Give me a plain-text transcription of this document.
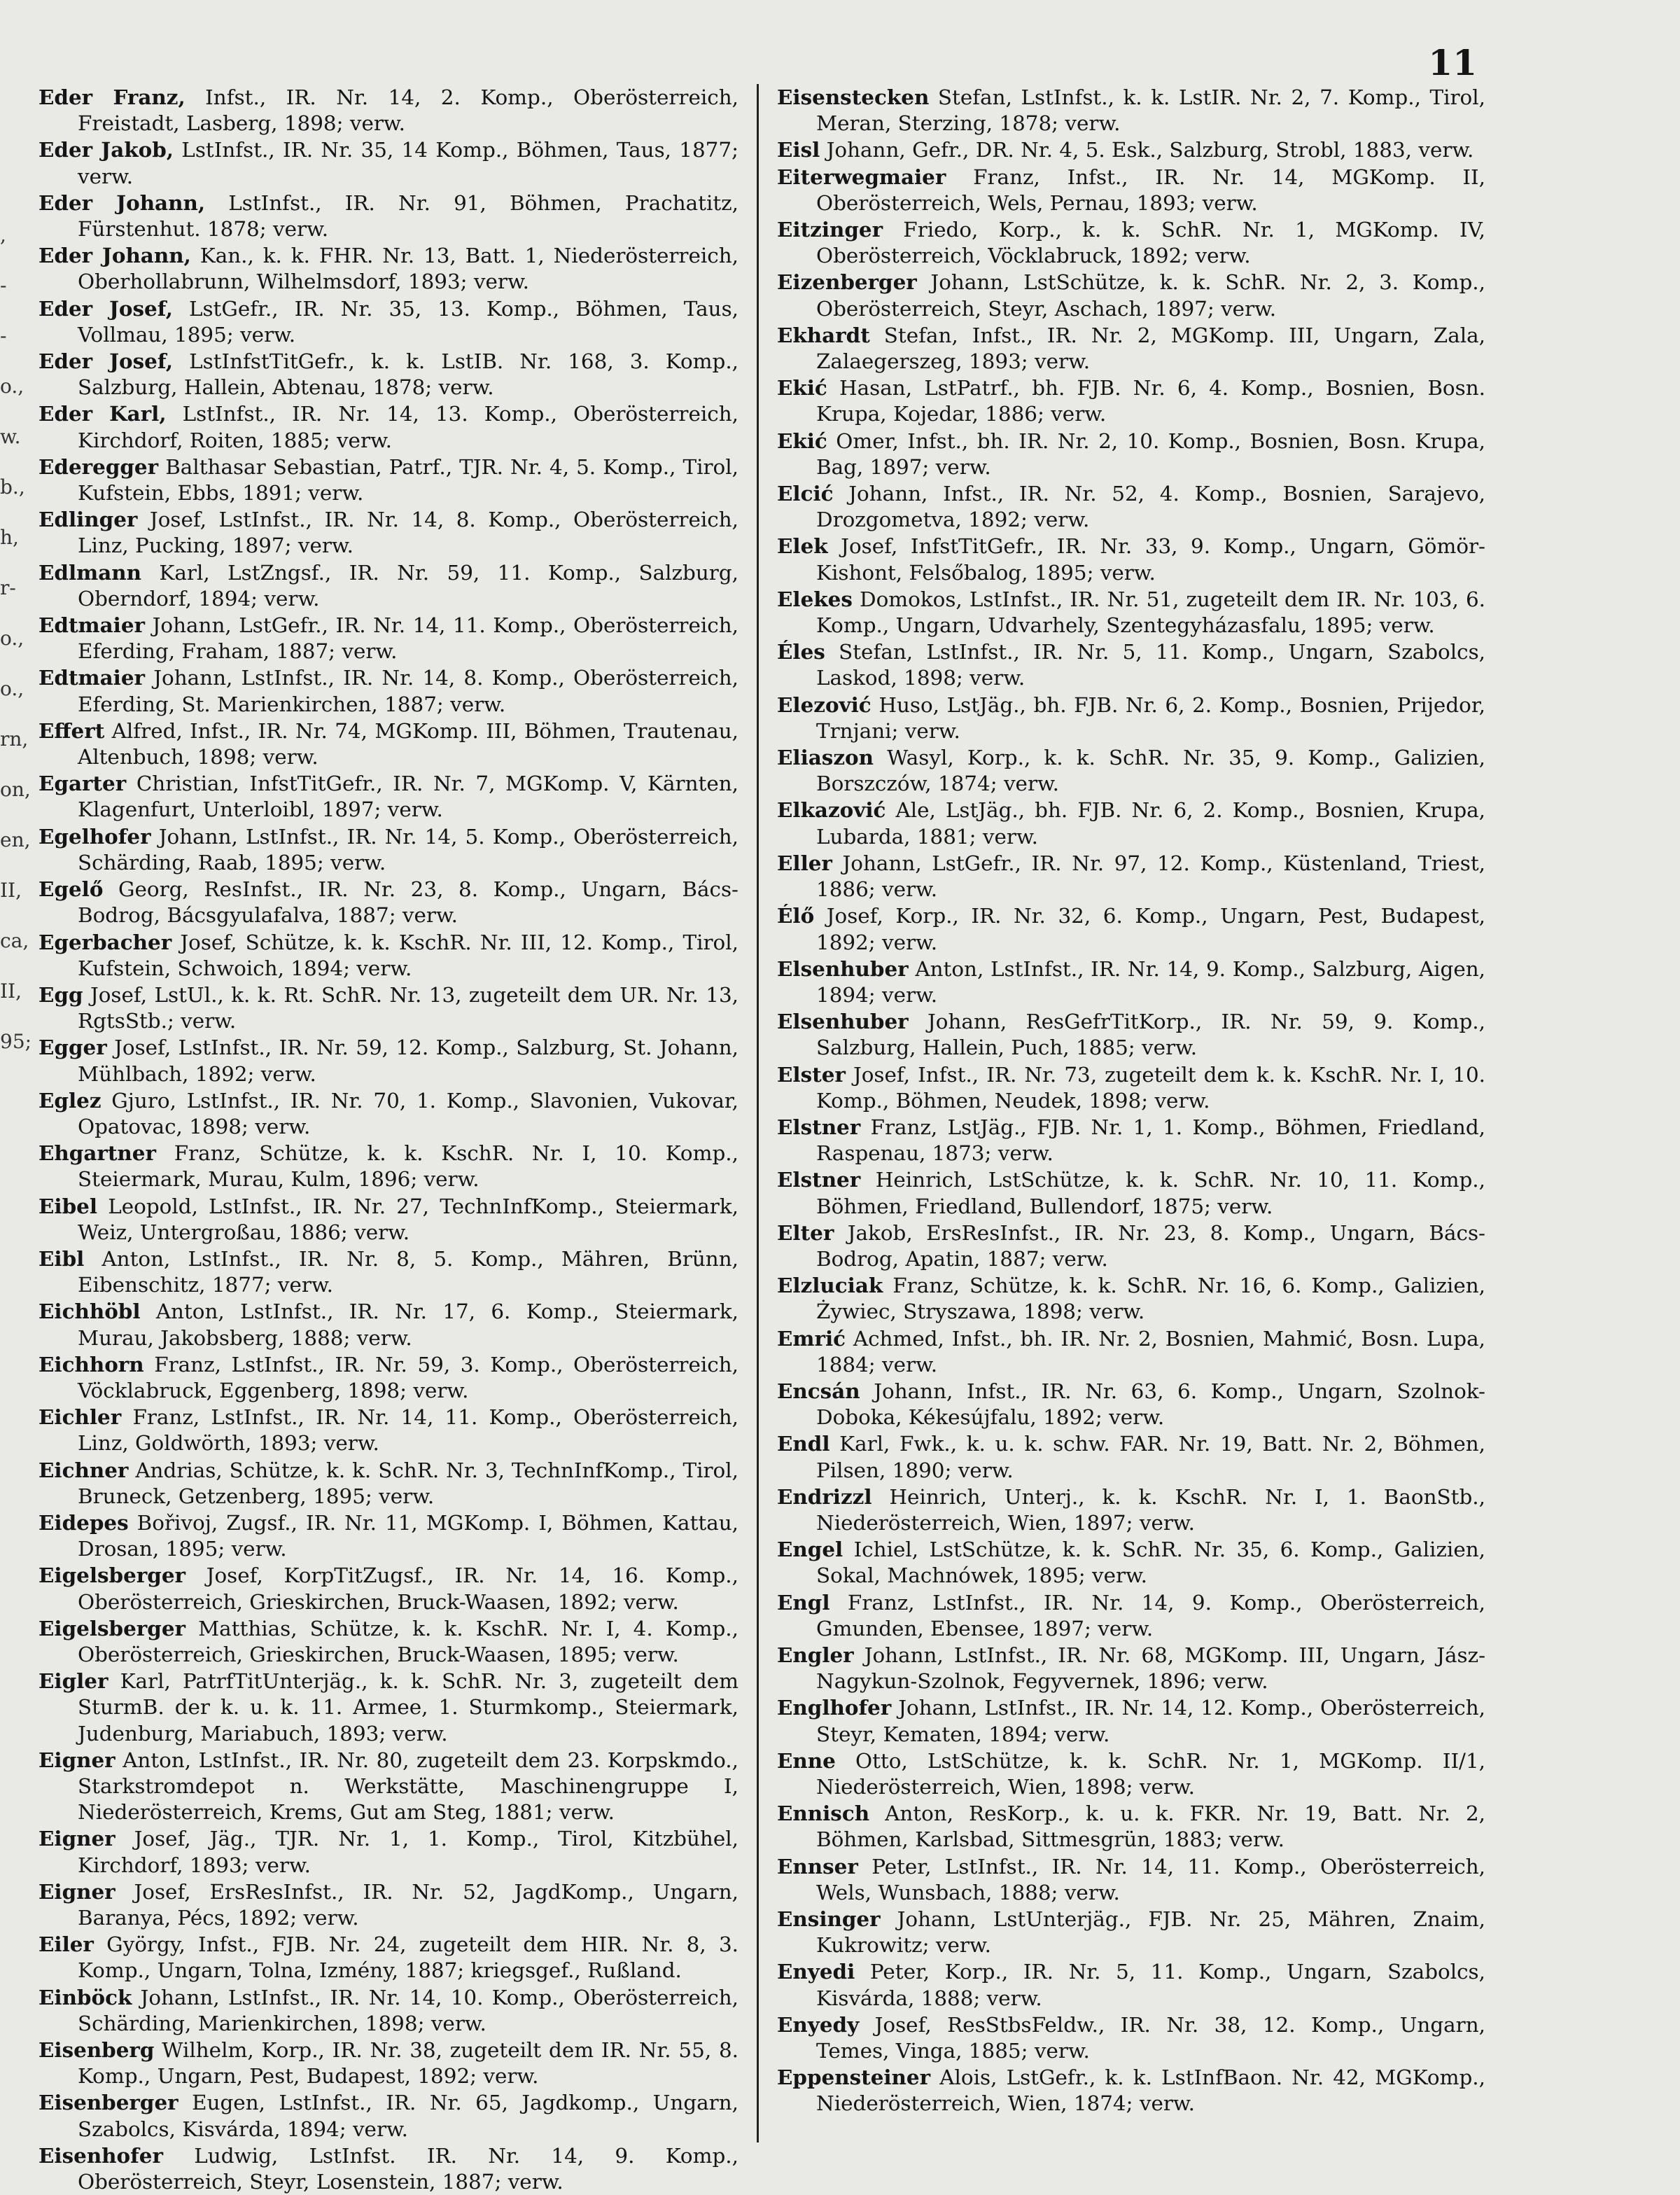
11
,
-
-
o.,
w.
b.,
h,
r-
o.,
o.,
rn,
on,
en,
II,
ca,
II,
95;

Eder Franz, Infst., IR. Nr. 14, 2. Komp., Oberösterreich, Freistadt, Lasberg, 1898; verw.

Eder Jakob, LstInfst., IR. Nr. 35, 14 Komp., Böhmen, Taus, 1877; verw.

Eder Johann, LstInfst., IR. Nr. 91, Böhmen, Prachatitz, Fürstenhut. 1878; verw.

Eder Johann, Kan., k. k. FHR. Nr. 13, Batt. 1, Niederösterreich, Oberhollabrunn, Wilhelmsdorf, 1893; verw.

Eder Josef, LstGefr., IR. Nr. 35, 13. Komp., Böhmen, Taus, Vollmau, 1895; verw.

Eder Josef, LstInfstTitGefr., k. k. LstIB. Nr. 168, 3. Komp., Salzburg, Hallein, Abtenau, 1878; verw.

Eder Karl, LstInfst., IR. Nr. 14, 13. Komp., Oberösterreich, Kirchdorf, Roiten, 1885; verw.

Ederegger Balthasar Sebastian, Patrf., TJR. Nr. 4, 5. Komp., Tirol, Kufstein, Ebbs, 1891; verw.

Edlinger Josef, LstInfst., IR. Nr. 14, 8. Komp., Oberösterreich, Linz, Pucking, 1897; verw.

Edlmann Karl, LstZngsf., IR. Nr. 59, 11. Komp., Salzburg, Oberndorf, 1894; verw.

Edtmaier Johann, LstGefr., IR. Nr. 14, 11. Komp., Oberösterreich, Eferding, Fraham, 1887; verw.

Edtmaier Johann, LstInfst., IR. Nr. 14, 8. Komp., Oberösterreich, Eferding, St. Marienkirchen, 1887; verw.

Effert Alfred, Infst., IR. Nr. 74, MGKomp. III, Böhmen, Trautenau, Altenbuch, 1898; verw.

Egarter Christian, InfstTitGefr., IR. Nr. 7, MGKomp. V, Kärnten, Klagenfurt, Unterloibl, 1897; verw.

Egelhofer Johann, LstInfst., IR. Nr. 14, 5. Komp., Oberösterreich, Schärding, Raab, 1895; verw.

Egelő Georg, ResInfst., IR. Nr. 23, 8. Komp., Ungarn, Bács-Bodrog, Bácsgyulafalva, 1887; verw.

Egerbacher Josef, Schütze, k. k. KschR. Nr. III, 12. Komp., Tirol, Kufstein, Schwoich, 1894; verw.

Egg Josef, LstUl., k. k. Rt. SchR. Nr. 13, zugeteilt dem UR. Nr. 13, RgtsStb.; verw.

Egger Josef, LstInfst., IR. Nr. 59, 12. Komp., Salzburg, St. Johann, Mühlbach, 1892; verw.

Eglez Gjuro, LstInfst., IR. Nr. 70, 1. Komp., Slavonien, Vukovar, Opatovac, 1898; verw.

Ehgartner Franz, Schütze, k. k. KschR. Nr. I, 10. Komp., Steiermark, Murau, Kulm, 1896; verw.

Eibel Leopold, LstInfst., IR. Nr. 27, TechnInfKomp., Steiermark, Weiz, Untergroßau, 1886; verw.

Eibl Anton, LstInfst., IR. Nr. 8, 5. Komp., Mähren, Brünn, Eibenschitz, 1877; verw.

Eichhöbl Anton, LstInfst., IR. Nr. 17, 6. Komp., Steiermark, Murau, Jakobsberg, 1888; verw.

Eichhorn Franz, LstInfst., IR. Nr. 59, 3. Komp., Oberösterreich, Vöcklabruck, Eggenberg, 1898; verw.

Eichler Franz, LstInfst., IR. Nr. 14, 11. Komp., Oberösterreich, Linz, Goldwörth, 1893; verw.

Eichner Andrias, Schütze, k. k. SchR. Nr. 3, TechnInfKomp., Tirol, Bruneck, Getzenberg, 1895; verw.

Eidepes Bořivoj, Zugsf., IR. Nr. 11, MGKomp. I, Böhmen, Kattau, Drosan, 1895; verw.

Eigelsberger Josef, KorpTitZugsf., IR. Nr. 14, 16. Komp., Oberösterreich, Grieskirchen, Bruck-Waasen, 1892; verw.

Eigelsberger Matthias, Schütze, k. k. KschR. Nr. I, 4. Komp., Oberösterreich, Grieskirchen, Bruck-Waasen, 1895; verw.

Eigler Karl, PatrfTitUnterjäg., k. k. SchR. Nr. 3, zugeteilt dem SturmB. der k. u. k. 11. Armee, 1. Sturmkomp., Steiermark, Judenburg, Mariabuch, 1893; verw.

Eigner Anton, LstInfst., IR. Nr. 80, zugeteilt dem 23. Korpskmdo., Starkstromdepot n. Werkstätte, Maschinengruppe I, Niederösterreich, Krems, Gut am Steg, 1881; verw.

Eigner Josef, Jäg., TJR. Nr. 1, 1. Komp., Tirol, Kitzbühel, Kirchdorf, 1893; verw.

Eigner Josef, ErsResInfst., IR. Nr. 52, JagdKomp., Ungarn, Baranya, Pécs, 1892; verw.

Eiler György, Infst., FJB. Nr. 24, zugeteilt dem HIR. Nr. 8, 3. Komp., Ungarn, Tolna, Izmény, 1887; kriegsgef., Rußland.

Einböck Johann, LstInfst., IR. Nr. 14, 10. Komp., Oberösterreich, Schärding, Marienkirchen, 1898; verw.

Eisenberg Wilhelm, Korp., IR. Nr. 38, zugeteilt dem IR. Nr. 55, 8. Komp., Ungarn, Pest, Budapest, 1892; verw.

Eisenberger Eugen, LstInfst., IR. Nr. 65, Jagdkomp., Ungarn, Szabolcs, Kisvárda, 1894; verw.

Eisenhofer Ludwig, LstInfst. IR. Nr. 14, 9. Komp., Oberösterreich, Steyr, Losenstein, 1887; verw.

Eisenstecken Stefan, LstInfst., k. k. LstIR. Nr. 2, 7. Komp., Tirol, Meran, Sterzing, 1878; verw.

Eisl Johann, Gefr., DR. Nr. 4, 5. Esk., Salzburg, Strobl, 1883, verw.

Eiterwegmaier Franz, Infst., IR. Nr. 14, MGKomp. II, Oberösterreich, Wels, Pernau, 1893; verw.

Eitzinger Friedo, Korp., k. k. SchR. Nr. 1, MGKomp. IV, Oberösterreich, Vöcklabruck, 1892; verw.

Eizenberger Johann, LstSchütze, k. k. SchR. Nr. 2, 3. Komp., Oberösterreich, Steyr, Aschach, 1897; verw.

Ekhardt Stefan, Infst., IR. Nr. 2, MGKomp. III, Ungarn, Zala, Zalaegerszeg, 1893; verw.

Ekić Hasan, LstPatrf., bh. FJB. Nr. 6, 4. Komp., Bosnien, Bosn. Krupa, Kojedar, 1886; verw.

Ekić Omer, Infst., bh. IR. Nr. 2, 10. Komp., Bosnien, Bosn. Krupa, Bag, 1897; verw.

Elcić Johann, Infst., IR. Nr. 52, 4. Komp., Bosnien, Sarajevo, Drozgometva, 1892; verw.

Elek Josef, InfstTitGefr., IR. Nr. 33, 9. Komp., Ungarn, Gömör-Kishont, Felsőbalog, 1895; verw.

Elekes Domokos, LstInfst., IR. Nr. 51, zugeteilt dem IR. Nr. 103, 6. Komp., Ungarn, Udvarhely, Szentegyházasfalu, 1895; verw.

Éles Stefan, LstInfst., IR. Nr. 5, 11. Komp., Ungarn, Szabolcs, Laskod, 1898; verw.

Elezović Huso, LstJäg., bh. FJB. Nr. 6, 2. Komp., Bosnien, Prijedor, Trnjani; verw.

Eliaszon Wasyl, Korp., k. k. SchR. Nr. 35, 9. Komp., Galizien, Borszczów, 1874; verw.

Elkazović Ale, LstJäg., bh. FJB. Nr. 6, 2. Komp., Bosnien, Krupa, Lubarda, 1881; verw.

Eller Johann, LstGefr., IR. Nr. 97, 12. Komp., Küstenland, Triest, 1886; verw.

Élő Josef, Korp., IR. Nr. 32, 6. Komp., Ungarn, Pest, Budapest, 1892; verw.

Elsenhuber Anton, LstInfst., IR. Nr. 14, 9. Komp., Salzburg, Aigen, 1894; verw.

Elsenhuber Johann, ResGefrTitKorp., IR. Nr. 59, 9. Komp., Salzburg, Hallein, Puch, 1885; verw.

Elster Josef, Infst., IR. Nr. 73, zugeteilt dem k. k. KschR. Nr. I, 10. Komp., Böhmen, Neudek, 1898; verw.

Elstner Franz, LstJäg., FJB. Nr. 1, 1. Komp., Böhmen, Friedland, Raspenau, 1873; verw.

Elstner Heinrich, LstSchütze, k. k. SchR. Nr. 10, 11. Komp., Böhmen, Friedland, Bullendorf, 1875; verw.

Elter Jakob, ErsResInfst., IR. Nr. 23, 8. Komp., Ungarn, Bács-Bodrog, Apatin, 1887; verw.

Elzluciak Franz, Schütze, k. k. SchR. Nr. 16, 6. Komp., Galizien, Żywiec, Stryszawa, 1898; verw.

Emrić Achmed, Infst., bh. IR. Nr. 2, Bosnien, Mahmić, Bosn. Lupa, 1884; verw.

Encsán Johann, Infst., IR. Nr. 63, 6. Komp., Ungarn, Szolnok-Doboka, Kékesújfalu, 1892; verw.

Endl Karl, Fwk., k. u. k. schw. FAR. Nr. 19, Batt. Nr. 2, Böhmen, Pilsen, 1890; verw.

Endrizzl Heinrich, Unterj., k. k. KschR. Nr. I, 1. BaonStb., Niederösterreich, Wien, 1897; verw.

Engel Ichiel, LstSchütze, k. k. SchR. Nr. 35, 6. Komp., Galizien, Sokal, Machnówek, 1895; verw.

Engl Franz, LstInfst., IR. Nr. 14, 9. Komp., Oberösterreich, Gmunden, Ebensee, 1897; verw.

Engler Johann, LstInfst., IR. Nr. 68, MGKomp. III, Ungarn, Jász-Nagykun-Szolnok, Fegyvernek, 1896; verw.

Englhofer Johann, LstInfst., IR. Nr. 14, 12. Komp., Oberösterreich, Steyr, Kematen, 1894; verw.

Enne Otto, LstSchütze, k. k. SchR. Nr. 1, MGKomp. II/1, Niederösterreich, Wien, 1898; verw.

Ennisch Anton, ResKorp., k. u. k. FKR. Nr. 19, Batt. Nr. 2, Böhmen, Karlsbad, Sittmesgrün, 1883; verw.

Ennser Peter, LstInfst., IR. Nr. 14, 11. Komp., Oberösterreich, Wels, Wunsbach, 1888; verw.

Ensinger Johann, LstUnterjäg., FJB. Nr. 25, Mähren, Znaim, Kukrowitz; verw.

Enyedi Peter, Korp., IR. Nr. 5, 11. Komp., Ungarn, Szabolcs, Kisvárda, 1888; verw.

Enyedy Josef, ResStbsFeldw., IR. Nr. 38, 12. Komp., Ungarn, Temes, Vinga, 1885; verw.

Eppensteiner Alois, LstGefr., k. k. LstInfBaon. Nr. 42, MGKomp., Niederösterreich, Wien, 1874; verw.
